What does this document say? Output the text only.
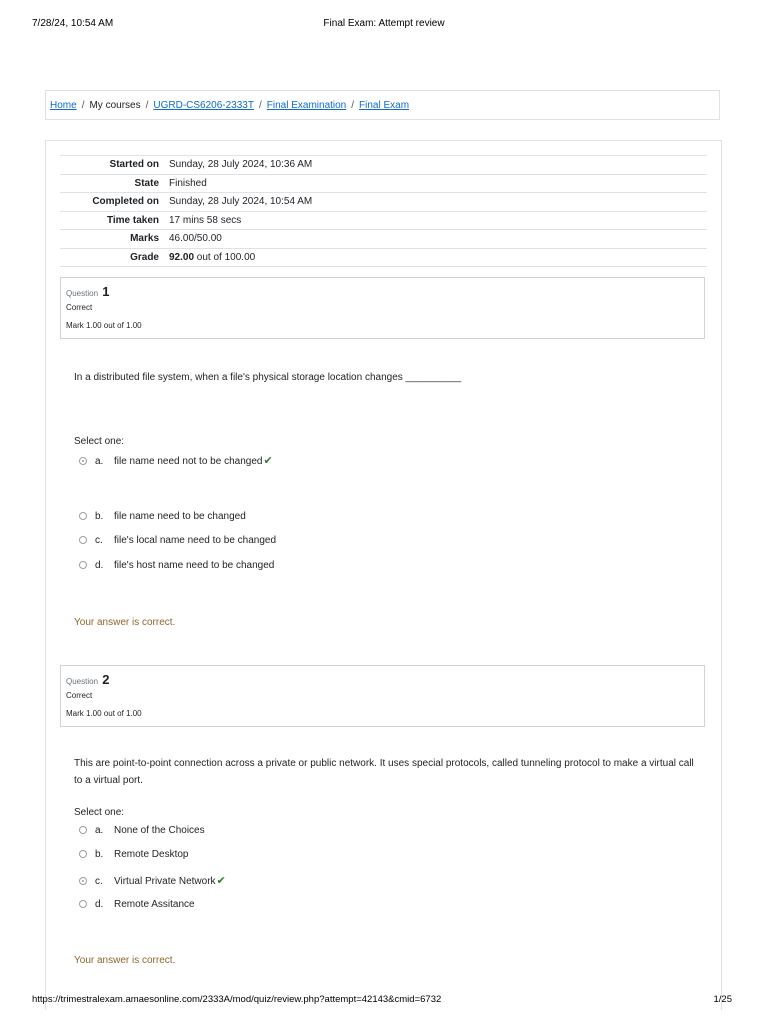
7/28/24, 10:54 AM	Final Exam: Attempt review
Home / My courses / UGRD-CS6206-2333T / Final Examination / Final Exam
Started on	Sunday, 28 July 2024, 10:36 AM
State	Finished
Completed on	Sunday, 28 July 2024, 10:54 AM
Time taken	17 mins 58 secs
Marks	46.00/50.00
Grade	92.00 out of 100.00
Question 1
Correct
Mark 1.00 out of 1.00
In a distributed file system, when a file's physical storage location changes __________
Select one:
a. file name need not to be changed✔
b. file name need to be changed
c. file's local name need to be changed
d. file's host name need to be changed
Your answer is correct.
Question 2
Correct
Mark 1.00 out of 1.00
This are point-to-point connection across a private or public network. It uses special protocols, called tunneling protocol to make a virtual call to a virtual port.
Select one:
a. None of the Choices
b. Remote Desktop
c. Virtual Private Network✔
d. Remote Assitance
Your answer is correct.
https://trimestralexam.amaesonline.com/2333A/mod/quiz/review.php?attempt=42143&cmid=6732	1/25
